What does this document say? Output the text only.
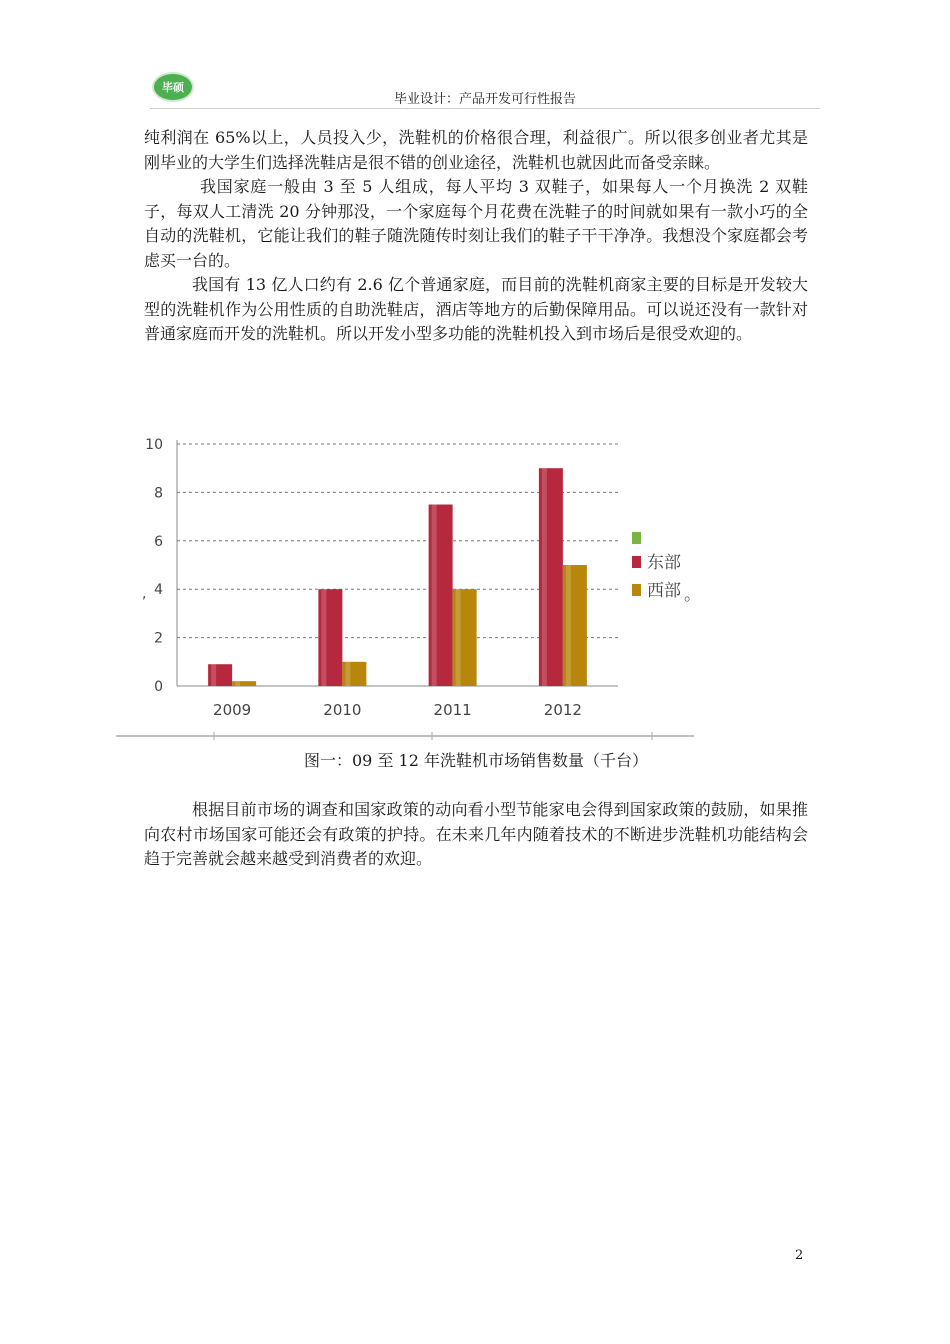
毕硕
毕业设计：产品开发可行性报告

纯利润在 65%以上，人员投入少，洗鞋机的价格很合理，利益很广。所以很多创业者尤其是刚毕业的大学生们选择洗鞋店是很不错的创业途径，洗鞋机也就因此而备受亲睐。

我国家庭一般由 3 至 5 人组成，每人平均 3 双鞋子，如果每人一个月换洗 2 双鞋子，每双人工清洗 20 分钟那没，一个家庭每个月花费在洗鞋子的时间就如果有一款小巧的全自动的洗鞋机，它能让我们的鞋子随洗随传时刻让我们的鞋子干干净净。我想没个家庭都会考虑买一台的。

我国有 13 亿人口约有 2.6 亿个普通家庭，而目前的洗鞋机商家主要的目标是开发较大型的洗鞋机作为公用性质的自助洗鞋店，酒店等地方的后勤保障用品。可以说还没有一款针对普通家庭而开发的洗鞋机。所以开发小型多功能的洗鞋机投入到市场后是很受欢迎的。

0
2
4
6
8
10
,
2009	2010	2011	2012
东部
西部 。
图一：09 至 12 年洗鞋机市场销售数量（千台）

根据目前市场的调查和国家政策的动向看小型节能家电会得到国家政策的鼓励，如果推向农村市场国家可能还会有政策的护持。在未来几年内随着技术的不断进步洗鞋机功能结构会趋于完善就会越来越受到消费者的欢迎。

2
